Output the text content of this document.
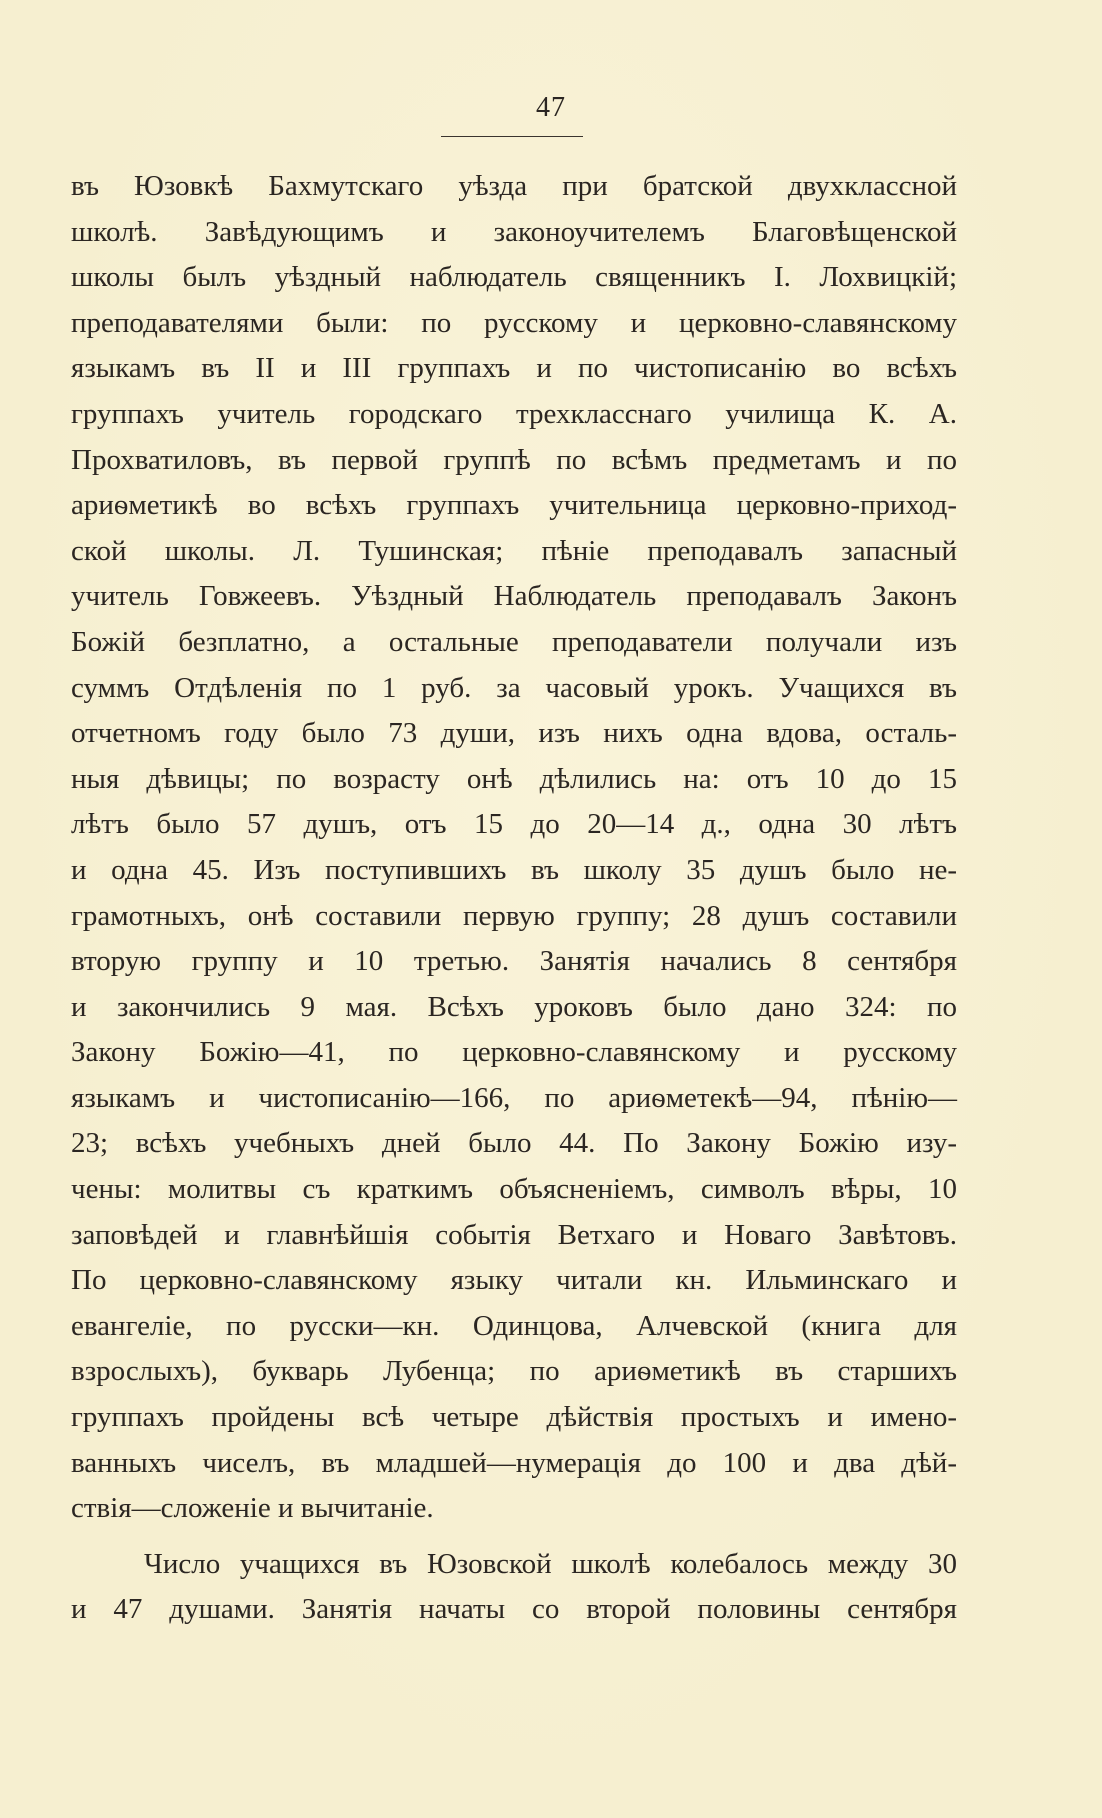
47
въ Юзовкѣ Бахмутскаго уѣзда при братской двухклассной
школѣ. Завѣдующимъ и законоучителемъ Благовѣщенской
школы былъ уѣздный наблюдатель священникъ I. Лохвицкій;
преподавателями были: по русскому и церковно-славянскому
языкамъ въ II и III группахъ и по чистописанію во всѣхъ
группахъ учитель городскаго трехкласснаго училища К. А.
Прохватиловъ, въ первой группѣ по всѣмъ предметамъ и по
ариѳметикѣ во всѣхъ группахъ учительница церковно-приход-
ской школы. Л. Тушинская; пѣніе преподавалъ запасный
учитель Говжеевъ. Уѣздный Наблюдатель преподавалъ Законъ
Божій безплатно, а остальные преподаватели получали изъ
суммъ Отдѣленія по 1 руб. за часовый урокъ. Учащихся въ
отчетномъ году было 73 души, изъ нихъ одна вдова, осталь-
ныя дѣвицы; по возрасту онѣ дѣлились на: отъ 10 до 15
лѣтъ было 57 душъ, отъ 15 до 20—14 д., одна 30 лѣтъ
и одна 45. Изъ поступившихъ въ школу 35 душъ было не-
грамотныхъ, онѣ составили первую группу; 28 душъ составили
вторую группу и 10 третью. Занятія начались 8 сентября
и закончились 9 мая. Всѣхъ уроковъ было дано 324: по
Закону Божію—41, по церковно-славянскому и русскому
языкамъ и чистописанію—166, по ариѳметекѣ—94, пѣнію—
23; всѣхъ учебныхъ дней было 44. По Закону Божію изу-
чены: молитвы съ краткимъ объясненіемъ, символъ вѣры, 10
заповѣдей и главнѣйшія событія Ветхаго и Новаго Завѣтовъ.
По церковно-славянскому языку читали кн. Ильминскаго и
евангеліе, по русски—кн. Одинцова, Алчевской (книга для
взрослыхъ), букварь Лубенца; по ариѳметикѣ въ старшихъ
группахъ пройдены всѣ четыре дѣйствія простыхъ и имено-
ванныхъ чиселъ, въ младшей—нумерація до 100 и два дѣй-
ствія—сложеніе и вычитаніе.
Число учащихся въ Юзовской школѣ колебалось между 30
и 47 душами. Занятія начаты со второй половины сентября
